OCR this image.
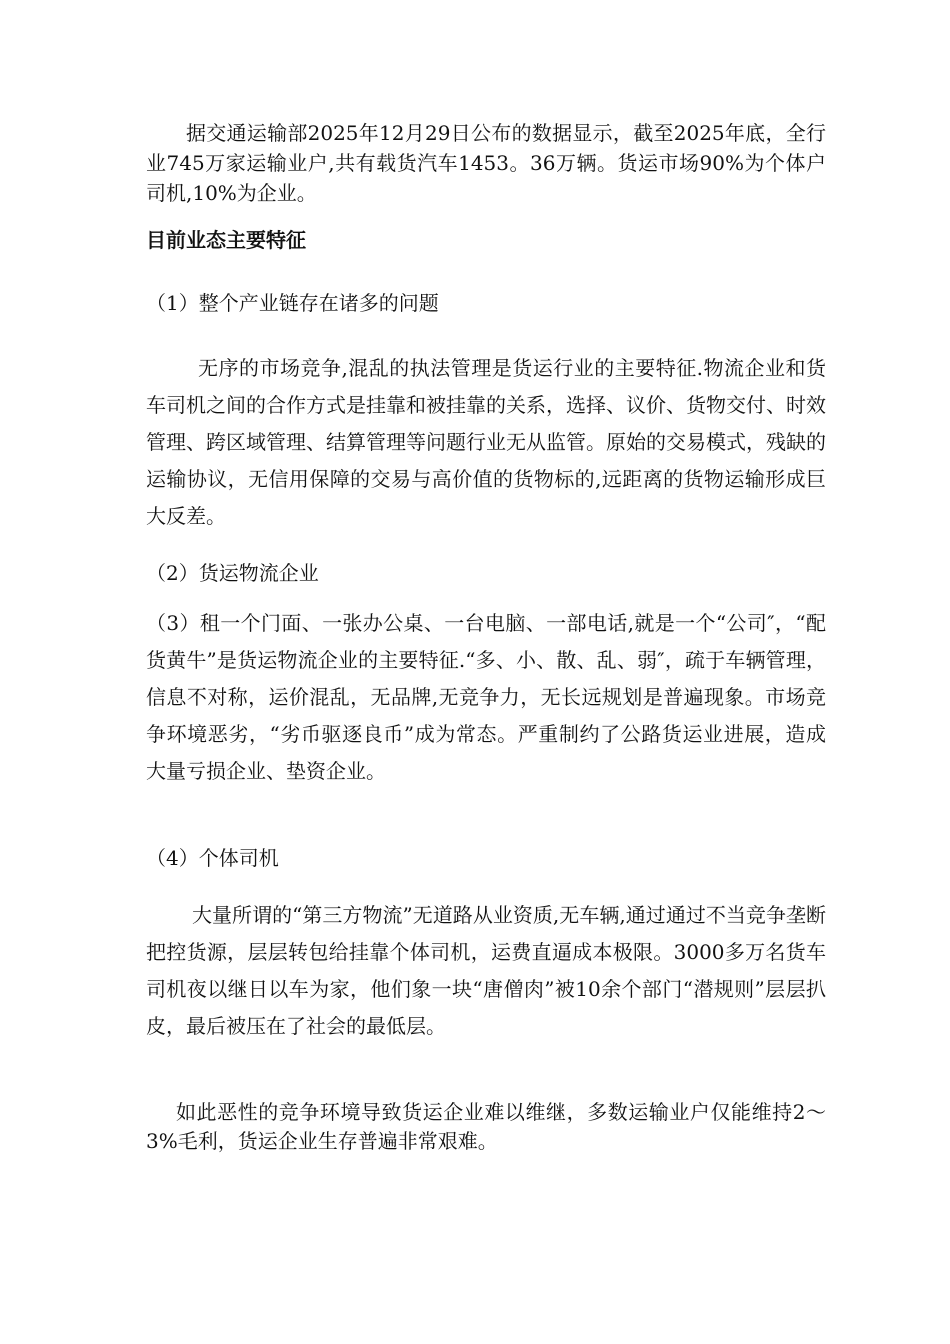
据交通运输部2025年12月29日公布的数据显示，截至2025年底，全行业745万家运输业户,共有载货汽车1453。36万辆。货运市场90%为个体户司机,10%为企业。

目前业态主要特征

（1）整个产业链存在诸多的问题

无序的市场竞争,混乱的执法管理是货运行业的主要特征.物流企业和货车司机之间的合作方式是挂靠和被挂靠的关系，选择、议价、货物交付、时效管理、跨区域管理、结算管理等问题行业无从监管。原始的交易模式，残缺的运输协议，无信用保障的交易与高价值的货物标的,远距离的货物运输形成巨大反差。

（2）货运物流企业

（3）租一个门面、一张办公桌、一台电脑、一部电话,就是一个“公司″，“配货黄牛”是货运物流企业的主要特征.“多、小、散、乱、弱″，疏于车辆管理，信息不对称，运价混乱，无品牌,无竞争力，无长远规划是普遍现象。市场竞争环境恶劣，“劣币驱逐良币”成为常态。严重制约了公路货运业进展，造成大量亏损企业、垫资企业。

（4）个体司机

大量所谓的“第三方物流”无道路从业资质,无车辆,通过通过不当竞争垄断把控货源，层层转包给挂靠个体司机，运费直逼成本极限。3000多万名货车司机夜以继日以车为家，他们象一块“唐僧肉”被10余个部门“潜规则”层层扒皮，最后被压在了社会的最低层。

如此恶性的竞争环境导致货运企业难以维继，多数运输业户仅能维持2～3%毛利，货运企业生存普遍非常艰难。
